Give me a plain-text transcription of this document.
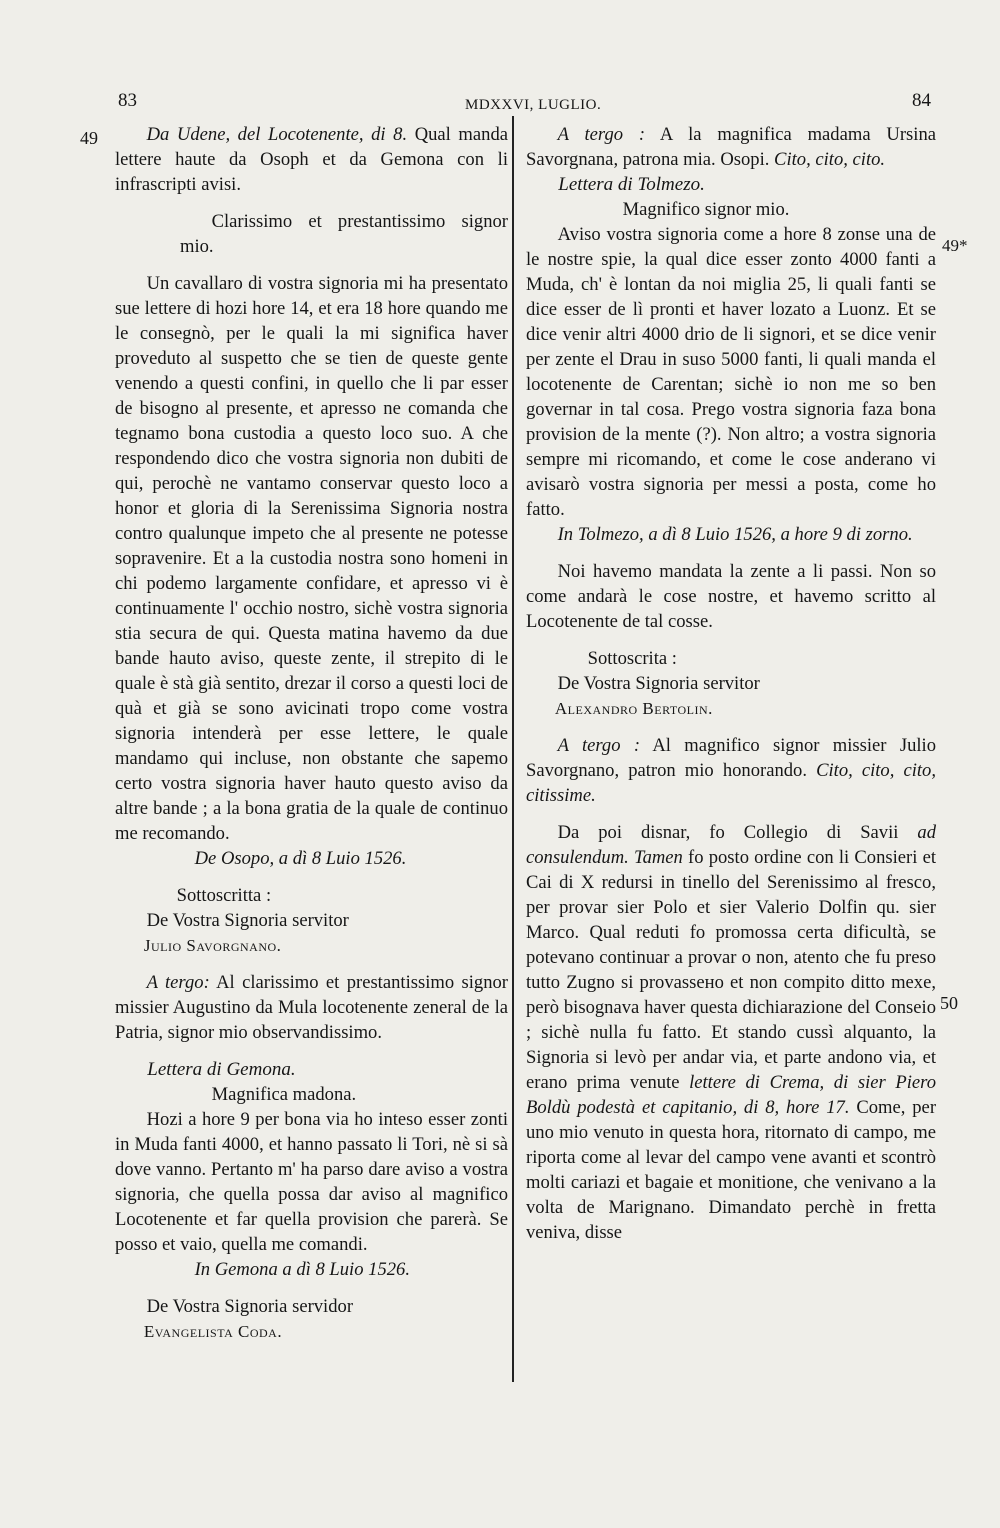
83	MDXXVI, LUGLIO.	84
49
49*
50

Da Udene, del Locotenente, di 8. Qual manda lettere haute da Osoph et da Gemona con li infrascripti avisi.

Clarissimo et prestantissimo signor mio.

Un cavallaro di vostra signoria mi ha presentato sue lettere di hozi hore 14, et era 18 hore quando me le consegnò, per le quali la mi significa haver proveduto al suspetto che se tien de queste gente venendo a questi confini, in quello che li par esser de bisogno al presente, et apresso ne comanda che tegnamo bona custodia a questo loco suo. A che respondendo dico che vostra signoria non dubiti de qui, perochè ne vantamo conservar questo loco a honor et gloria di la Serenissima Signoria nostra contro qualunque impeto che al presente ne potesse sopravenire. Et a la custodia nostra sono homeni in chi podemo largamente confidare, et apresso vi è continuamente l' occhio nostro, sichè vostra signoria stia secura de qui. Questa matina havemo da due bande hauto aviso, queste zente, il strepito di le quale è stà già sentito, drezar il corso a questi loci de quà et già se sono avicinati tropo come vostra signoria intenderà per esse lettere, le quale mandamo qui incluse, non obstante che sapemo certo vostra signoria haver hauto questo aviso da altre bande ; a la bona gratia de la quale de continuo me recomando.

De Osopo, a dì 8 Luio 1526.

Sottoscritta :

De Vostra Signoria servitor

Julio Savorgnano.

A tergo: Al clarissimo et prestantissimo signor missier Augustino da Mula locotenente zeneral de la Patria, signor mio observandissimo.

Lettera di Gemona.

Magnifica madona.

Hozi a hore 9 per bona via ho inteso esser zonti in Muda fanti 4000, et hanno passato li Tori, nè si sà dove vanno. Pertanto m' ha parso dare aviso a vostra signoria, che quella possa dar aviso al magnifico Locotenente et far quella provision che parerà. Se posso et vaio, quella me comandi.

In Gemona a dì 8 Luio 1526.

De Vostra Signoria servidor

Evangelista Coda.

A tergo : A la magnifica madama Ursina Savorgnana, patrona mia. Osopi. Cito, cito, cito.

Lettera di Tolmezo.

Magnifico signor mio.

Aviso vostra signoria come a hore 8 zonse una de le nostre spie, la qual dice esser zonto 4000 fanti a Muda, ch' è lontan da noi miglia 25, li quali fanti se dice esser de lì pronti et haver lozato a Luonz. Et se dice venir altri 4000 drio de li signori, et se dice venir per zente el Drau in suso 5000 fanti, li quali manda el locotenente de Carentan; sichè io non me so ben governar in tal cosa. Prego vostra signoria faza bona provision de la mente (?). Non altro; a vostra signoria sempre mi ricomando, et come le cose anderano vi avisarò vostra signoria per messi a posta, come ho fatto.

In Tolmezo, a dì 8 Luio 1526, a hore 9 di zorno.

Noi havemo mandata la zente a li passi. Non so come andarà le cose nostre, et havemo scritto al Locotenente de tal cosse.

Sottoscrita :

De Vostra Signoria servitor

Alexandro Bertolin.

A tergo : Al magnifico signor missier Julio Savorgnano, patron mio honorando. Cito, cito, cito, citissime.

Da poi disnar, fo Collegio di Savii ad consulendum. Tamen fo posto ordine con li Consieri et Cai di X redursi in tinello del Serenissimo al fresco, per provar sier Polo et sier Valerio Dolfin qu. sier Marco. Qual reduti fo promossa certa dificultà, se potevano continuar a provar o non, atento che fu preso tutto Zugno si provassено et non compito ditto mexe, però bisognava haver questa dichiarazione del Conseio ; sichè nulla fu fatto. Et stando cussì alquanto, la Signoria si levò per andar via, et parte andono via, et erano prima venute lettere di Crema, di sier Piero Boldù podestà et capitanio, di 8, hore 17. Come, per uno mio venuto in questa hora, ritornato di campo, me riporta come al levar del campo vene avanti et scontrò molti cariazi et bagaie et monitione, che venivano a la volta de Marignano. Dimandato perchè in fretta veniva, disse
